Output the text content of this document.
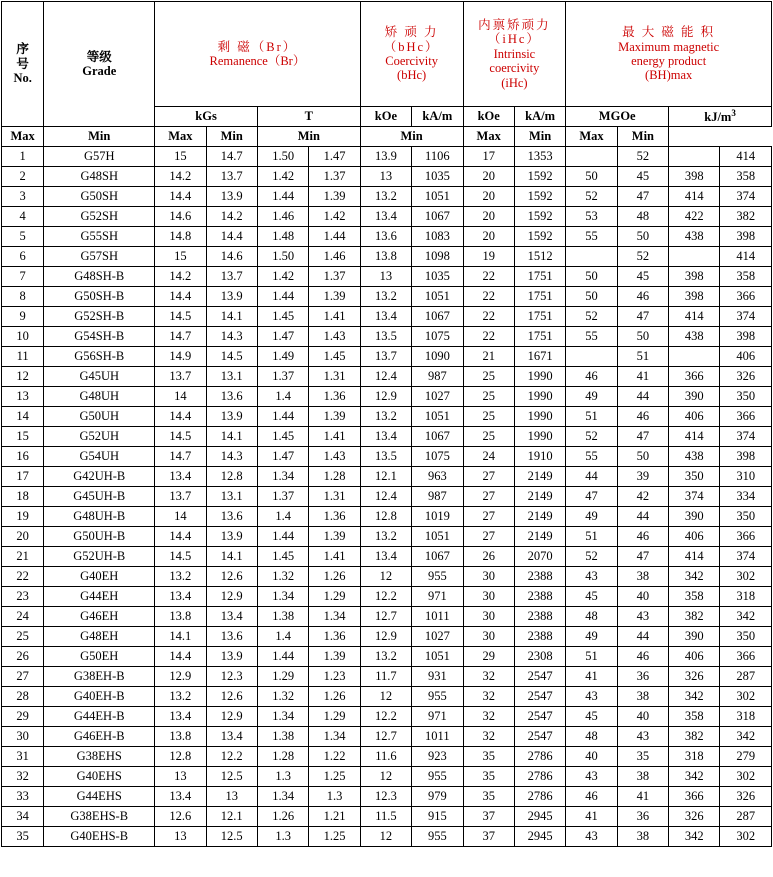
序
号
No.

等级
Grade

剩 磁（Br）
Remanence（Br）

矫 顽 力
（bHc）
Coercivity
(bHc)

内禀矫顽力
（iHc）
Intrinsic
coercivity
(iHc)

最 大 磁 能 积
Maximum magnetic
energy product
(BH)max

		kGs		T		kOe	kA/m	kOe	kA/m	MGOe		$kJ/m^3$
Max	Min	Max	Min	Min		Min		Max	Min	Max	Min		
1	G57H	15	14.7	1.50	1.47	13.9	1106	17	1353		52		414
2	G48SH	14.2	13.7	1.42	1.37	13	1035	20	1592	50	45	398	358
3	G50SH	14.4	13.9	1.44	1.39	13.2	1051	20	1592	52	47	414	374
4	G52SH	14.6	14.2	1.46	1.42	13.4	1067	20	1592	53	48	422	382
5	G55SH	14.8	14.4	1.48	1.44	13.6	1083	20	1592	55	50	438	398
6	G57SH	15	14.6	1.50	1.46	13.8	1098	19	1512		52		414
7	G48SH-B	14.2	13.7	1.42	1.37	13	1035	22	1751	50	45	398	358
8	G50SH-B	14.4	13.9	1.44	1.39	13.2	1051	22	1751	50	46	398	366
9	G52SH-B	14.5	14.1	1.45	1.41	13.4	1067	22	1751	52	47	414	374
10	G54SH-B	14.7	14.3	1.47	1.43	13.5	1075	22	1751	55	50	438	398
11	G56SH-B	14.9	14.5	1.49	1.45	13.7	1090	21	1671		51		406
12	G45UH	13.7	13.1	1.37	1.31	12.4	987	25	1990	46	41	366	326
13	G48UH	14	13.6	1.4	1.36	12.9	1027	25	1990	49	44	390	350
14	G50UH	14.4	13.9	1.44	1.39	13.2	1051	25	1990	51	46	406	366
15	G52UH	14.5	14.1	1.45	1.41	13.4	1067	25	1990	52	47	414	374
16	G54UH	14.7	14.3	1.47	1.43	13.5	1075	24	1910	55	50	438	398
17	G42UH-B	13.4	12.8	1.34	1.28	12.1	963	27	2149	44	39	350	310
18	G45UH-B	13.7	13.1	1.37	1.31	12.4	987	27	2149	47	42	374	334
19	G48UH-B	14	13.6	1.4	1.36	12.8	1019	27	2149	49	44	390	350
20	G50UH-B	14.4	13.9	1.44	1.39	13.2	1051	27	2149	51	46	406	366
21	G52UH-B	14.5	14.1	1.45	1.41	13.4	1067	26	2070	52	47	414	374
22	G40EH	13.2	12.6	1.32	1.26	12	955	30	2388	43	38	342	302
23	G44EH	13.4	12.9	1.34	1.29	12.2	971	30	2388	45	40	358	318
24	G46EH	13.8	13.4	1.38	1.34	12.7	1011	30	2388	48	43	382	342
25	G48EH	14.1	13.6	1.4	1.36	12.9	1027	30	2388	49	44	390	350
26	G50EH	14.4	13.9	1.44	1.39	13.2	1051	29	2308	51	46	406	366
27	G38EH-B	12.9	12.3	1.29	1.23	11.7	931	32	2547	41	36	326	287
28	G40EH-B	13.2	12.6	1.32	1.26	12	955	32	2547	43	38	342	302
29	G44EH-B	13.4	12.9	1.34	1.29	12.2	971	32	2547	45	40	358	318
30	G46EH-B	13.8	13.4	1.38	1.34	12.7	1011	32	2547	48	43	382	342
31	G38EHS	12.8	12.2	1.28	1.22	11.6	923	35	2786	40	35	318	279
32	G40EHS	13	12.5	1.3	1.25	12	955	35	2786	43	38	342	302
33	G44EHS	13.4	13	1.34	1.3	12.3	979	35	2786	46	41	366	326
34	G38EHS-B	12.6	12.1	1.26	1.21	11.5	915	37	2945	41	36	326	287
35	G40EHS-B	13	12.5	1.3	1.25	12	955	37	2945	43	38	342	302
